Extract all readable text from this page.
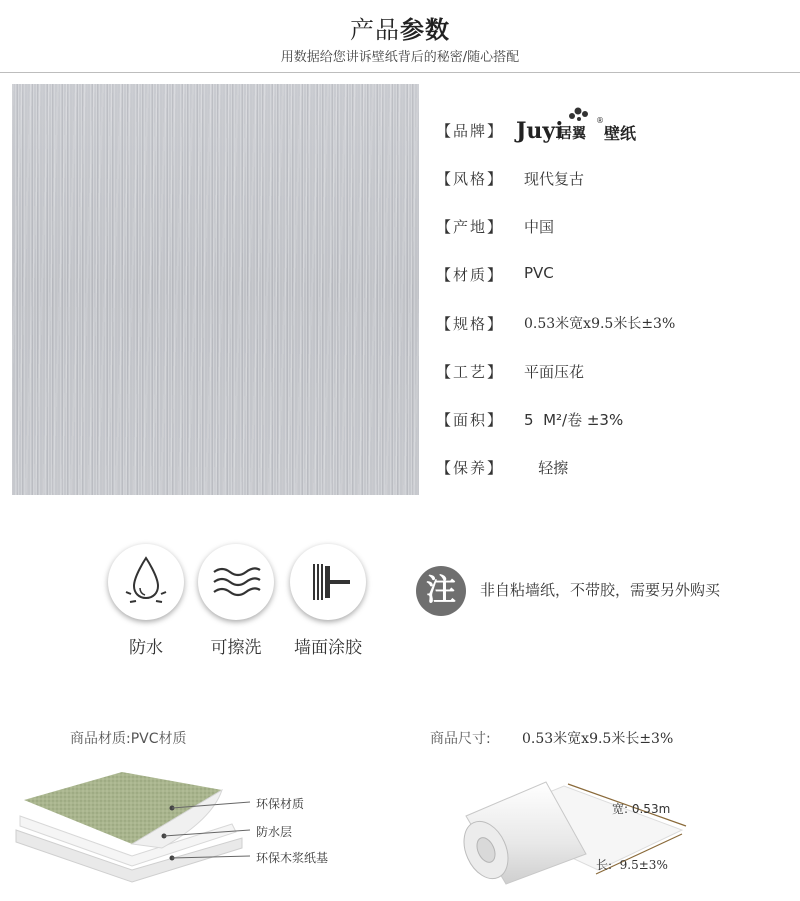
产品参数
用数据给您讲诉壁纸背后的秘密/随心搭配
【品牌】 Juyi
居翼
®
壁纸
【风格】 现代复古
【产地】 中国
【材质】 PVC
【规格】 0.53米宽x9.5米长±3%
【工艺】 平面压花
【面积】 5  M²/卷 ±3%
【保养】 轻擦
防水	可擦洗	墙面涂胶
注	非自粘墙纸，不带胶，需要另外购买
商品材质:PVC材质
环保材质
防水层
环保木浆纸基
商品尺寸: 0.53米宽x9.5米长±3%
宽: 0.53m
长:  9.5±3%
